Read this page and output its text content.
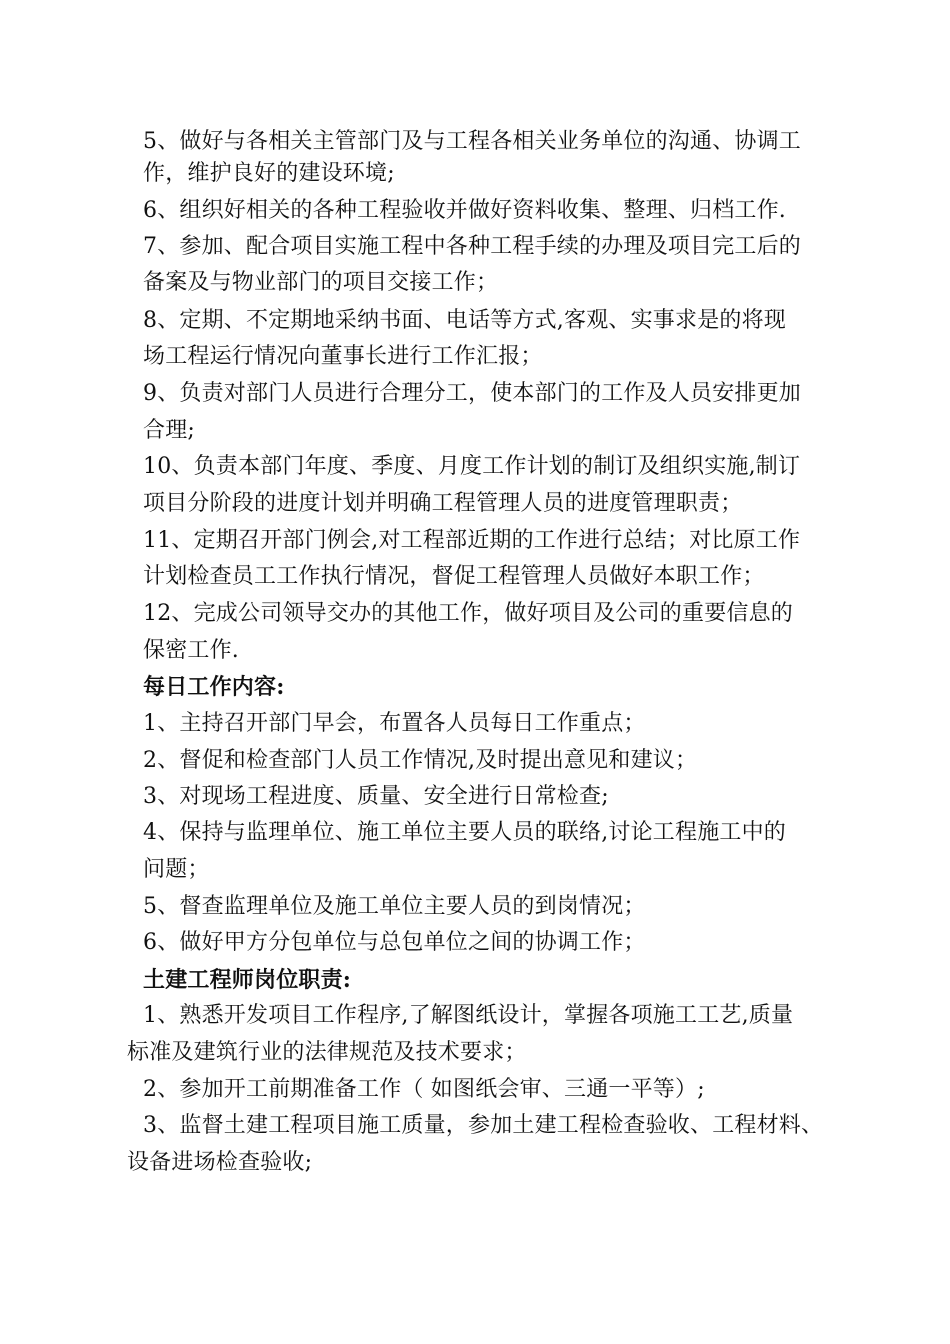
5、做好与各相关主管部门及与工程各相关业务单位的沟通、协调工
作，维护良好的建设环境;
6、组织好相关的各种工程验收并做好资料收集、整理、归档工作.
7、参加、配合项目实施工程中各种工程手续的办理及项目完工后的
备案及与物业部门的项目交接工作；
8、定期、不定期地采纳书面、电话等方式,客观、实事求是的将现
场工程运行情况向董事长进行工作汇报；
9、负责对部门人员进行合理分工，使本部门的工作及人员安排更加
合理;
10、负责本部门年度、季度、月度工作计划的制订及组织实施,制订
项目分阶段的进度计划并明确工程管理人员的进度管理职责；
11、定期召开部门例会,对工程部近期的工作进行总结；对比原工作
计划检查员工工作执行情况，督促工程管理人员做好本职工作；
12、完成公司领导交办的其他工作，做好项目及公司的重要信息的
保密工作.
每日工作内容:
1、主持召开部门早会，布置各人员每日工作重点；
2、督促和检查部门人员工作情况,及时提出意见和建议；
3、对现场工程进度、质量、安全进行日常检查;
4、保持与监理单位、施工单位主要人员的联络,讨论工程施工中的
问题；
5、督查监理单位及施工单位主要人员的到岗情况；
6、做好甲方分包单位与总包单位之间的协调工作；
土建工程师岗位职责:
1、熟悉开发项目工作程序,了解图纸设计，掌握各项施工工艺,质量
标准及建筑行业的法律规范及技术要求；
2、参加开工前期准备工作（ 如图纸会审、三通一平等）;
3、监督土建工程项目施工质量，参加土建工程检查验收、工程材料、
设备进场检查验收;
